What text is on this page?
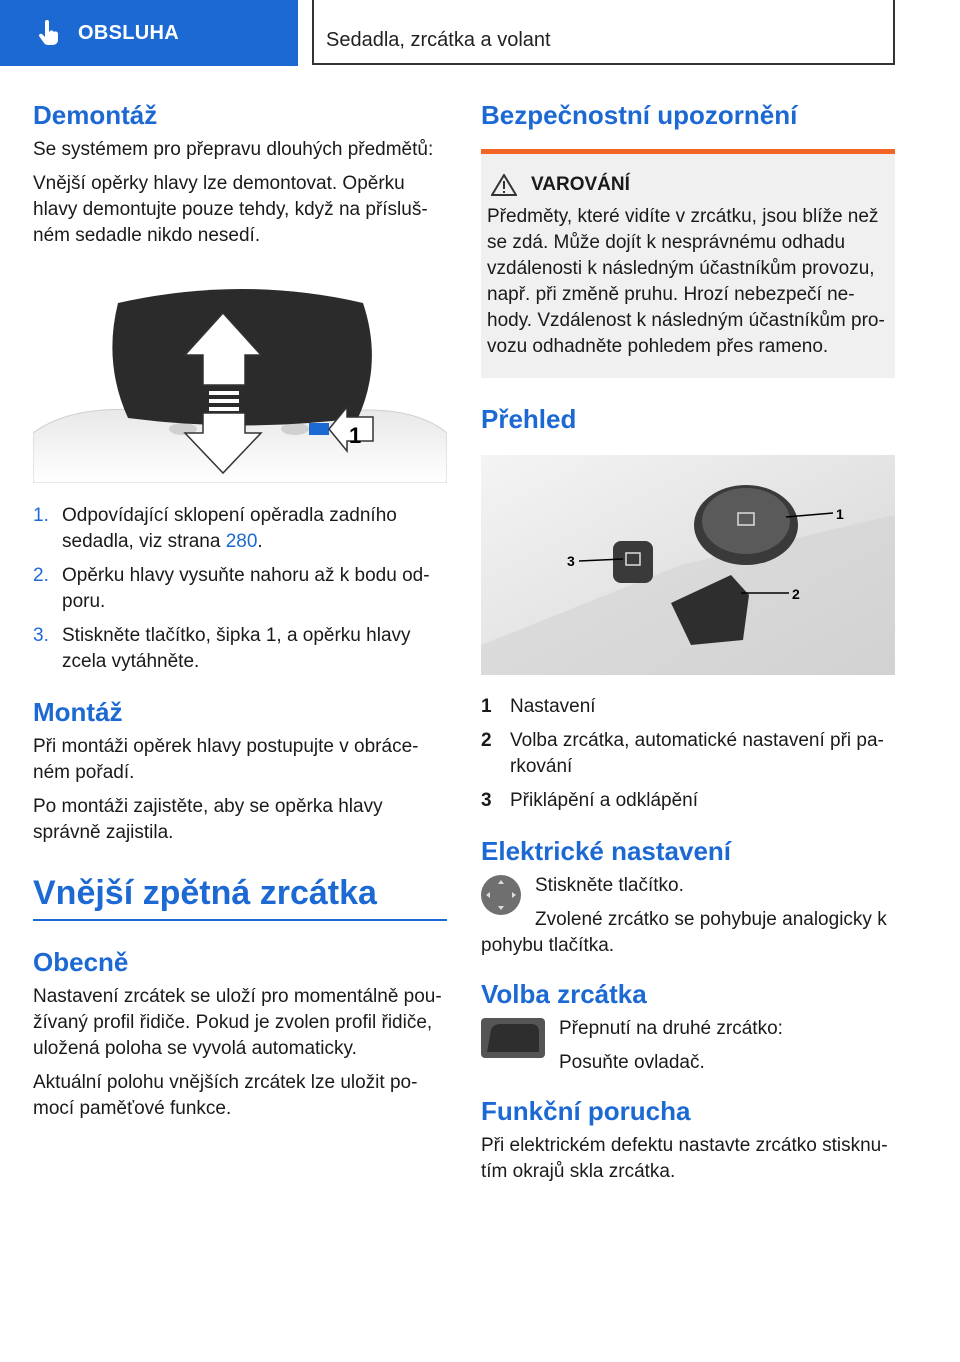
OBSLUHA	Sedadla, zrcátka a volant
Demontáž

Se systémem pro přepravu dlouhých předmětů:

Vnější opěrky hlavy lze demontovat. Opěrku hlavy demontujte pouze tehdy, když na příslušném sedadle nikdo nesedí.

1
1. Odpovídající sklopení opěradla zadního sedadla, viz strana 280.
2. Opěrku hlavy vysuňte nahoru až k bodu odporu.
3. Stiskněte tlačítko, šipka 1, a opěrku hlavy zcela vytáhněte.
Montáž

Při montáži opěrek hlavy postupujte v obráceném pořadí.

Po montáži zajistěte, aby se opěrka hlavy správně zajistila.

Vnější zpětná zrcátka
Obecně

Nastavení zrcátek se uloží pro momentálně používaný profil řidiče. Pokud je zvolen profil řidiče, uložená poloha se vyvolá automaticky.

Aktuální polohu vnějších zrcátek lze uložit pomocí paměťové funkce.

Bezpečnostní upozornění
VAROVÁNÍ

Předměty, které vidíte v zrcátku, jsou blíže než se zdá. Může dojít k nesprávnému odhadu vzdálenosti k následným účastníkům provozu, např. při změně pruhu. Hrozí nebezpečí nehody. Vzdálenost k následným účastníkům provozu odhadněte pohledem přes rameno.

Přehled
1
2
3
1 Nastavení
2 Volba zrcátka, automatické nastavení při parkování
3 Přiklápění a odklápění
Elektrické nastavení

Stiskněte tlačítko.

Zvolené zrcátko se pohybuje analogicky k pohybu tlačítka.

Volba zrcátka

Přepnutí na druhé zrcátko:

Posuňte ovladač.

Funkční porucha

Při elektrickém defektu nastavte zrcátko stisknutím okrajů skla zrcátka.
